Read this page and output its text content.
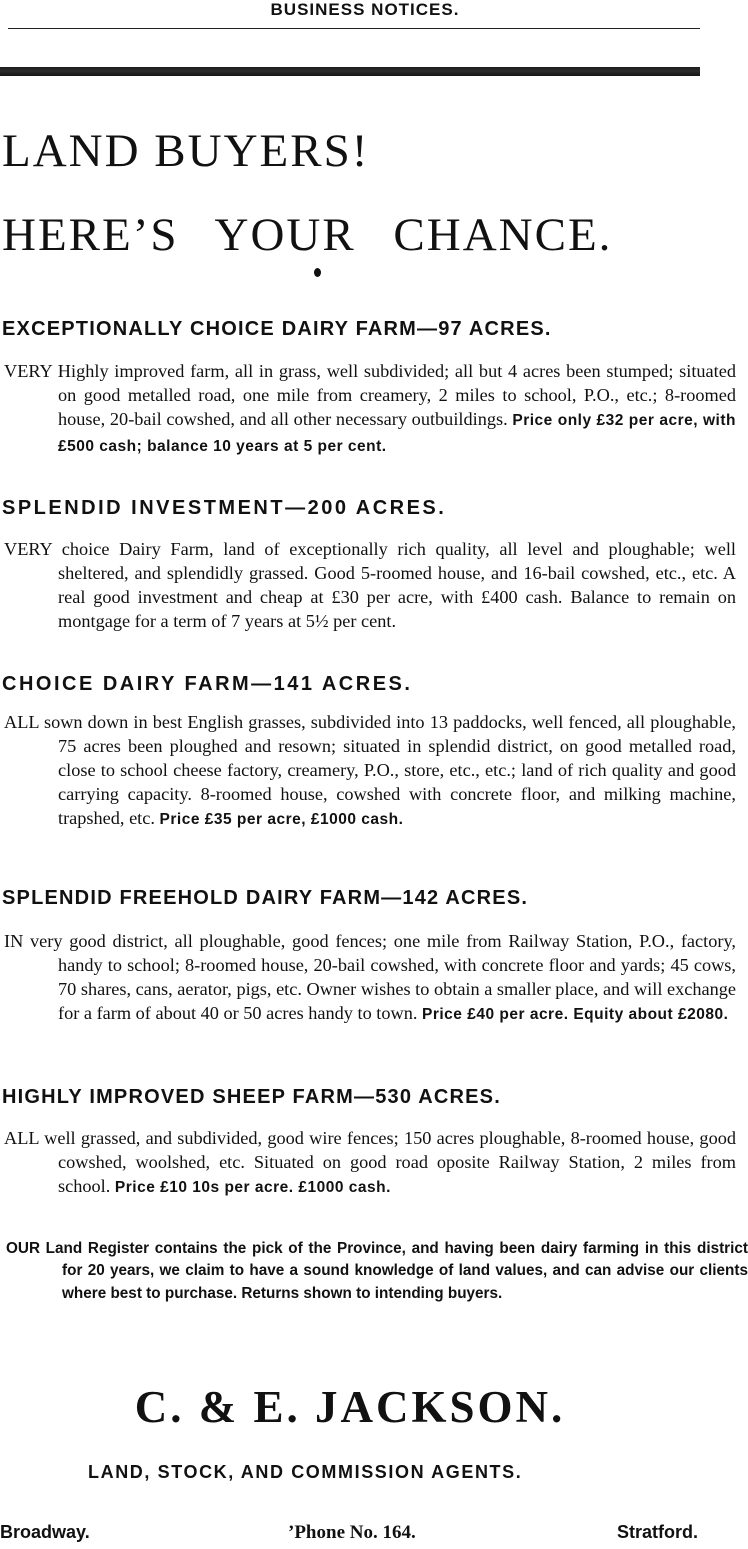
BUSINESS NOTICES.
LAND BUYERS!
HERE’S YOUR CHANCE.
EXCEPTIONALLY CHOICE DAIRY FARM—97 ACRES.

VERY Highly improved farm, all in grass, well subdivided; all but 4 acres been stumped; situated on good metalled road, one mile from creamery, 2 miles to school, P.O., etc.; 8-roomed house, 20-bail cowshed, and all other necessary outbuildings. Price only £32 per acre, with £500 cash; balance 10 years at 5 per cent.

SPLENDID INVESTMENT—200 ACRES.

VERY choice Dairy Farm, land of exceptionally rich quality, all level and ploughable; well sheltered, and splendidly grassed. Good 5-roomed house, and 16-bail cowshed, etc., etc. A real good investment and cheap at £30 per acre, with £400 cash. Balance to remain on montgage for a term of 7 years at 5½ per cent.

CHOICE DAIRY FARM—141 ACRES.

ALL sown down in best English grasses, subdivided into 13 paddocks, well fenced, all ploughable, 75 acres been ploughed and resown; situated in splendid district, on good metalled road, close to school cheese factory, creamery, P.O., store, etc., etc.; land of rich quality and good carrying capacity. 8-roomed house, cowshed with concrete floor, and milking machine, trapshed, etc. Price £35 per acre, £1000 cash.

SPLENDID FREEHOLD DAIRY FARM—142 ACRES.

IN very good district, all ploughable, good fences; one mile from Railway Station, P.O., factory, handy to school; 8-roomed house, 20-bail cowshed, with concrete floor and yards; 45 cows, 70 shares, cans, aerator, pigs, etc. Owner wishes to obtain a smaller place, and will exchange for a farm of about 40 or 50 acres handy to town. Price £40 per acre. Equity about £2080.

HIGHLY IMPROVED SHEEP FARM—530 ACRES.

ALL well grassed, and subdivided, good wire fences; 150 acres ploughable, 8-roomed house, good cowshed, woolshed, etc. Situated on good road oposite Railway Station, 2 miles from school. Price £10 10s per acre. £1000 cash.

OUR Land Register contains the pick of the Province, and having been dairy farming in this district for 20 years, we claim to have a sound knowledge of land values, and can advise our clients where best to purchase. Returns shown to intending buyers.

C. & E. JACKSON.

LAND, STOCK, AND COMMISSION AGENTS.

Broadway.	’Phone No. 164.	Stratford.
